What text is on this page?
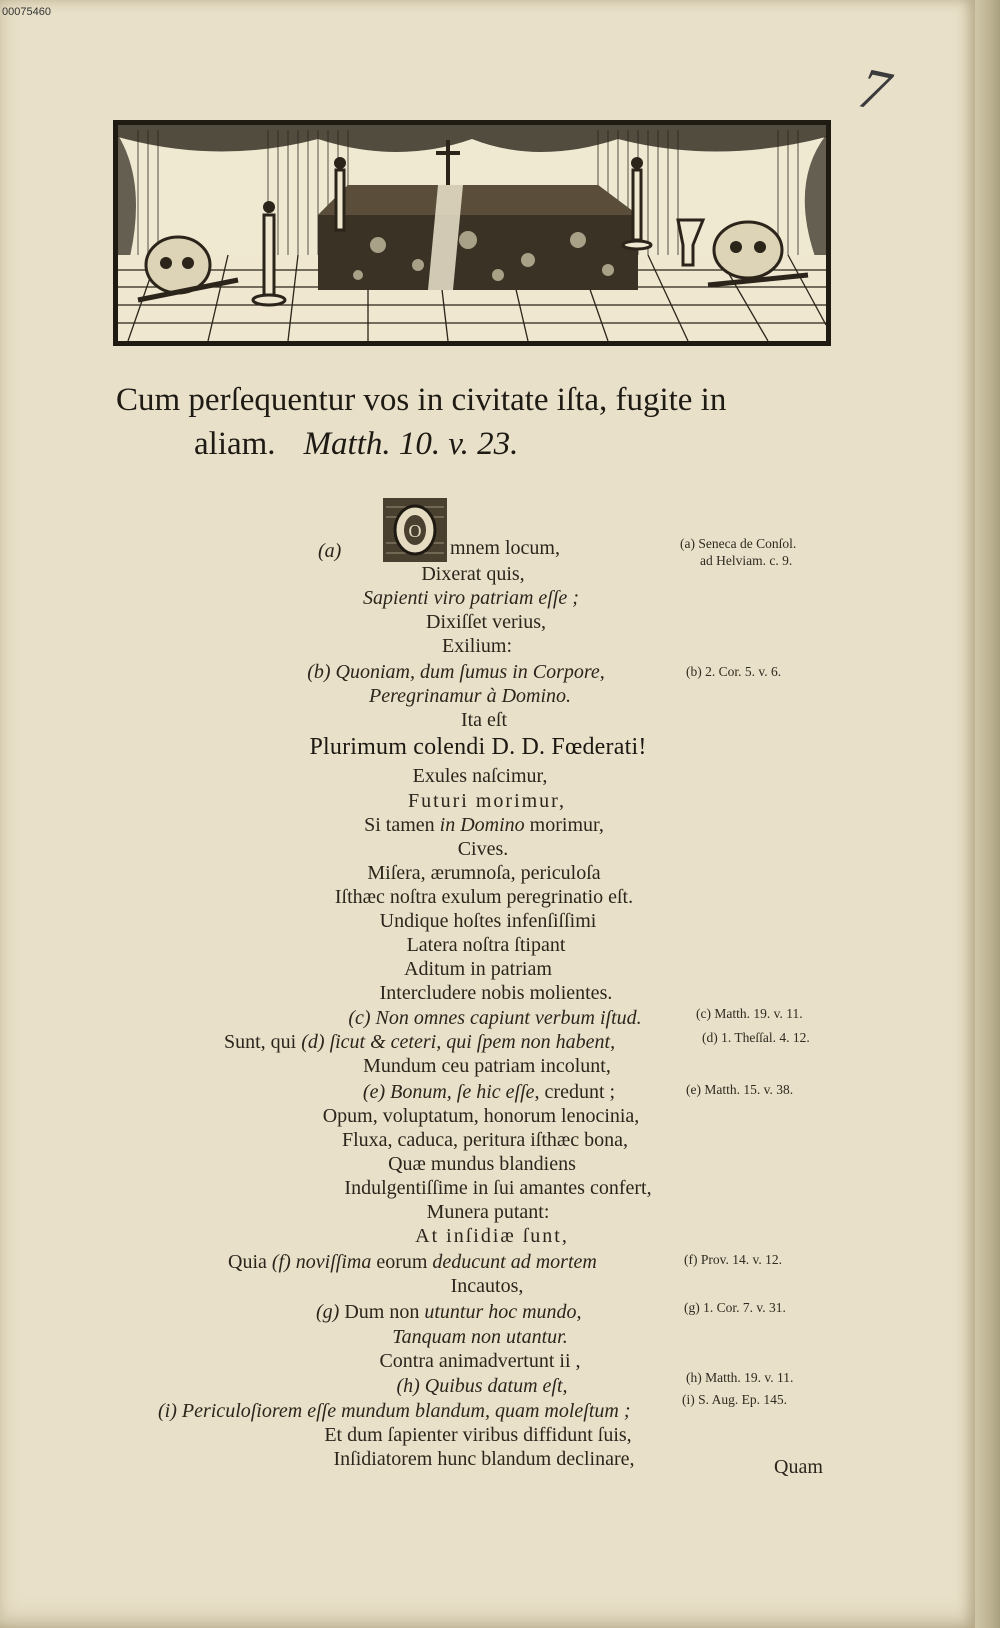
00075460
7
Cum perſequentur vos in civitate iſta, fugite in
aliam. Matth. 10. v. 23.
O
(a)	mnem locum,
Dixerat quis,
Sapienti viro patriam eſſe ;
Dixiſſet verius,
Exilium:
(b) Quoniam, dum ſumus in Corpore,
Peregrinamur à Domino.
Ita eſt
Plurimum colendi D. D. Fœderati!
Exules naſcimur,
Futuri morimur,
Si tamen in Domino morimur,
Cives.
Miſera, ærumnoſa, periculoſa
Iſthæc noſtra exulum peregrinatio eſt.
Undique hoſtes infenſiſſimi
Latera noſtra ſtipant
Aditum in patriam
Intercludere nobis molientes.
(c) Non omnes capiunt verbum iſtud.
Sunt, qui (d) ſicut & ceteri, qui ſpem non habent,
Mundum ceu patriam incolunt,
(e) Bonum, ſe hic eſſe, credunt ;
Opum, voluptatum, honorum lenocinia,
Fluxa, caduca, peritura iſthæc bona,
Quæ mundus blandiens
Indulgentiſſime in ſui amantes confert,
Munera putant:
At inſidiæ ſunt,
Quia (f) noviſſima eorum deducunt ad mortem
Incautos,
(g) Dum non utuntur hoc mundo,
Tanquam non utantur.
Contra animadvertunt ii ,
(h) Quibus datum eſt,
(i) Periculoſiorem eſſe mundum blandum, quam moleſtum ;
Et dum ſapienter viribus diffidunt ſuis,
Inſidiatorem hunc blandum declinare,	Quam
(a) Seneca de Conſol.
ad Helviam. c. 9.
(b) 2. Cor. 5. v. 6.
(c) Matth. 19. v. 11.
(d) 1. Theſſal. 4. 12.
(e) Matth. 15. v. 38.
(f) Prov. 14. v. 12.
(g) 1. Cor. 7. v. 31.
(h) Matth. 19. v. 11.
(i) S. Aug. Ep. 145.
